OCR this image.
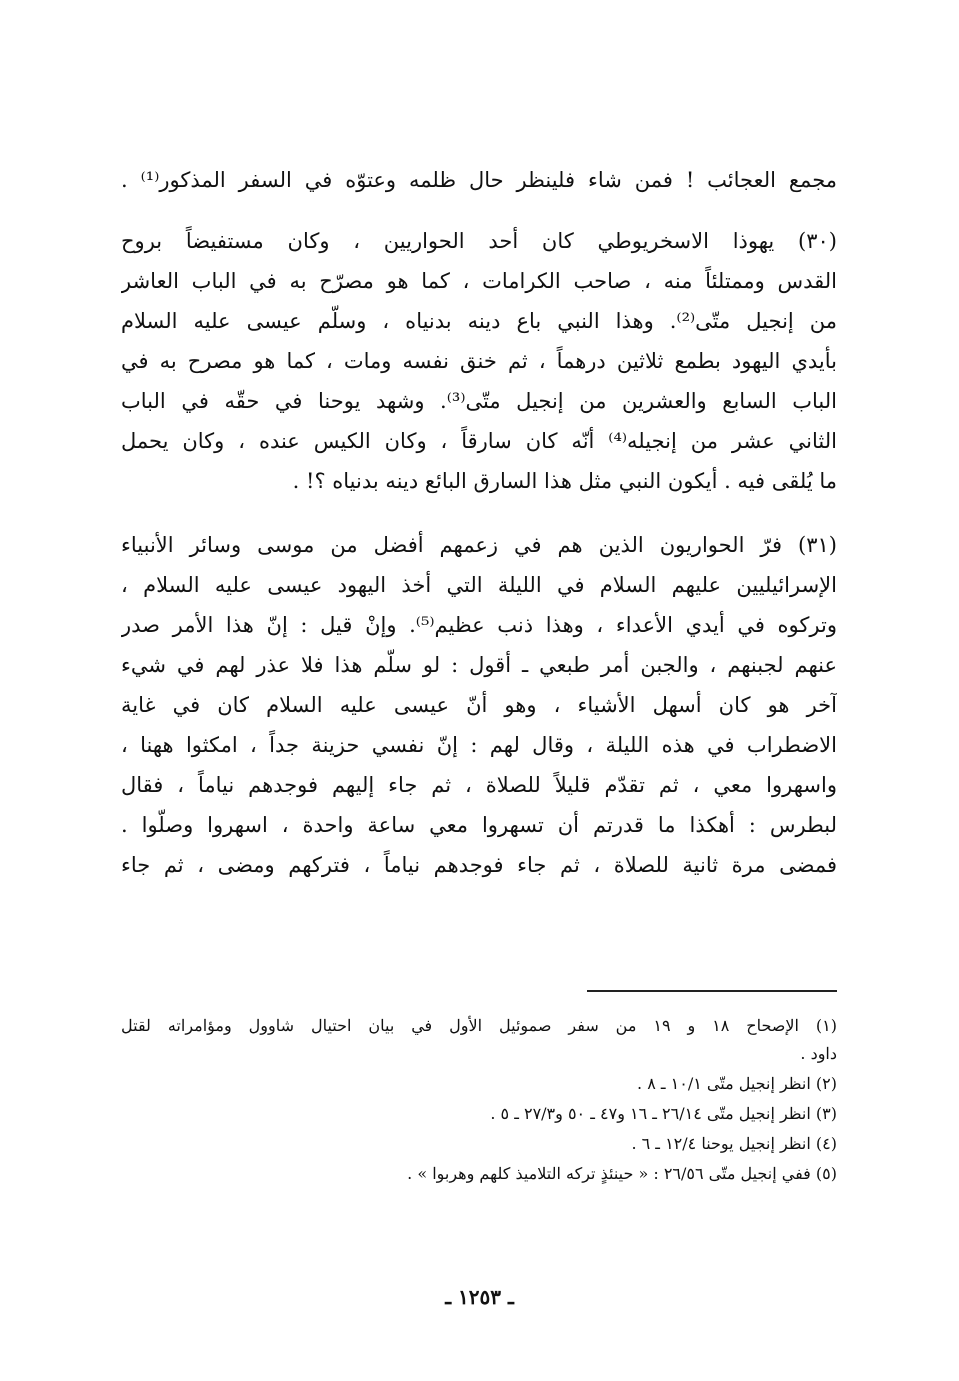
مجمع العجائب ! فمن شاء فلينظر حال ظلمه وعتوّه في السفر المذكور⁽¹⁾ .
(٣٠) يهوذا الاسخريوطي كان أحد الحواريين ، وكان مستفيضاً بروح
القدس وممتلئاً منه ، صاحب الكرامات ، كما هو مصرّح به في الباب العاشر
من إنجيل متّى⁽²⁾. وهذا النبي باع دينه بدنياه ، وسلّم عيسى عليه السلام
بأيدي اليهود بطمع ثلاثين درهماً ، ثم خنق نفسه ومات ، كما هو مصرح به في
الباب السابع والعشرين من إنجيل متّى⁽³⁾. وشهد يوحنا في حقّه في الباب
الثاني عشر من إنجيله⁽⁴⁾ أنّه كان سارقاً ، وكان الكيس عنده ، وكان يحمل
ما يُلقى فيه . أيكون النبي مثل هذا السارق البائع دينه بدنياه ؟! .
(٣١) فرّ الحواريون الذين هم في زعمهم أفضل من موسى وسائر الأنبياء
الإسرائيليين عليهم السلام في الليلة التي أخذ اليهود عيسى عليه السلام ،
وتركوه في أيدي الأعداء ، وهذا ذنب عظيم⁽⁵⁾. وإنْ قيل : إنّ هذا الأمر صدر
عنهم لجبنهم ، والجبن أمر طبعي ـ أقول : لو سلّم هذا فلا عذر لهم في شيء
آخر هو كان أسهل الأشياء ، وهو أنّ عيسى عليه السلام كان في غاية
الاضطراب في هذه الليلة ، وقال لهم : إنّ نفسي حزينة جداً ، امكثوا ههنا ،
واسهروا معي ، ثم تقدّم قليلاً للصلاة ، ثم جاء إليهم فوجدهم نياماً ، فقال
لبطرس : أهكذا ما قدرتم أن تسهروا معي ساعة واحدة ، اسهروا وصلّوا .
فمضى مرة ثانية للصلاة ، ثم جاء فوجدهم نياماً ، فتركهم ومضى ، ثم جاء
(١) الإصحاح ١٨ و ١٩ من سفر صموئيل الأول في بيان احتيال شاوول ومؤامراته لقتل
داود .
(٢) انظر إنجيل متّى ١٠/١ ـ ٨ .
(٣) انظر إنجيل متّى ٢٦/١٤ ـ ١٦ و٤٧ ـ ٥٠ و٢٧/٣ ـ ٥ .
(٤) انظر إنجيل يوحنا ١٢/٤ ـ ٦ .
(٥) ففي إنجيل متّى ٢٦/٥٦ : « حينئذٍ تركه التلاميذ كلهم وهربوا » .
ـ ١٢٥٣ ـ
